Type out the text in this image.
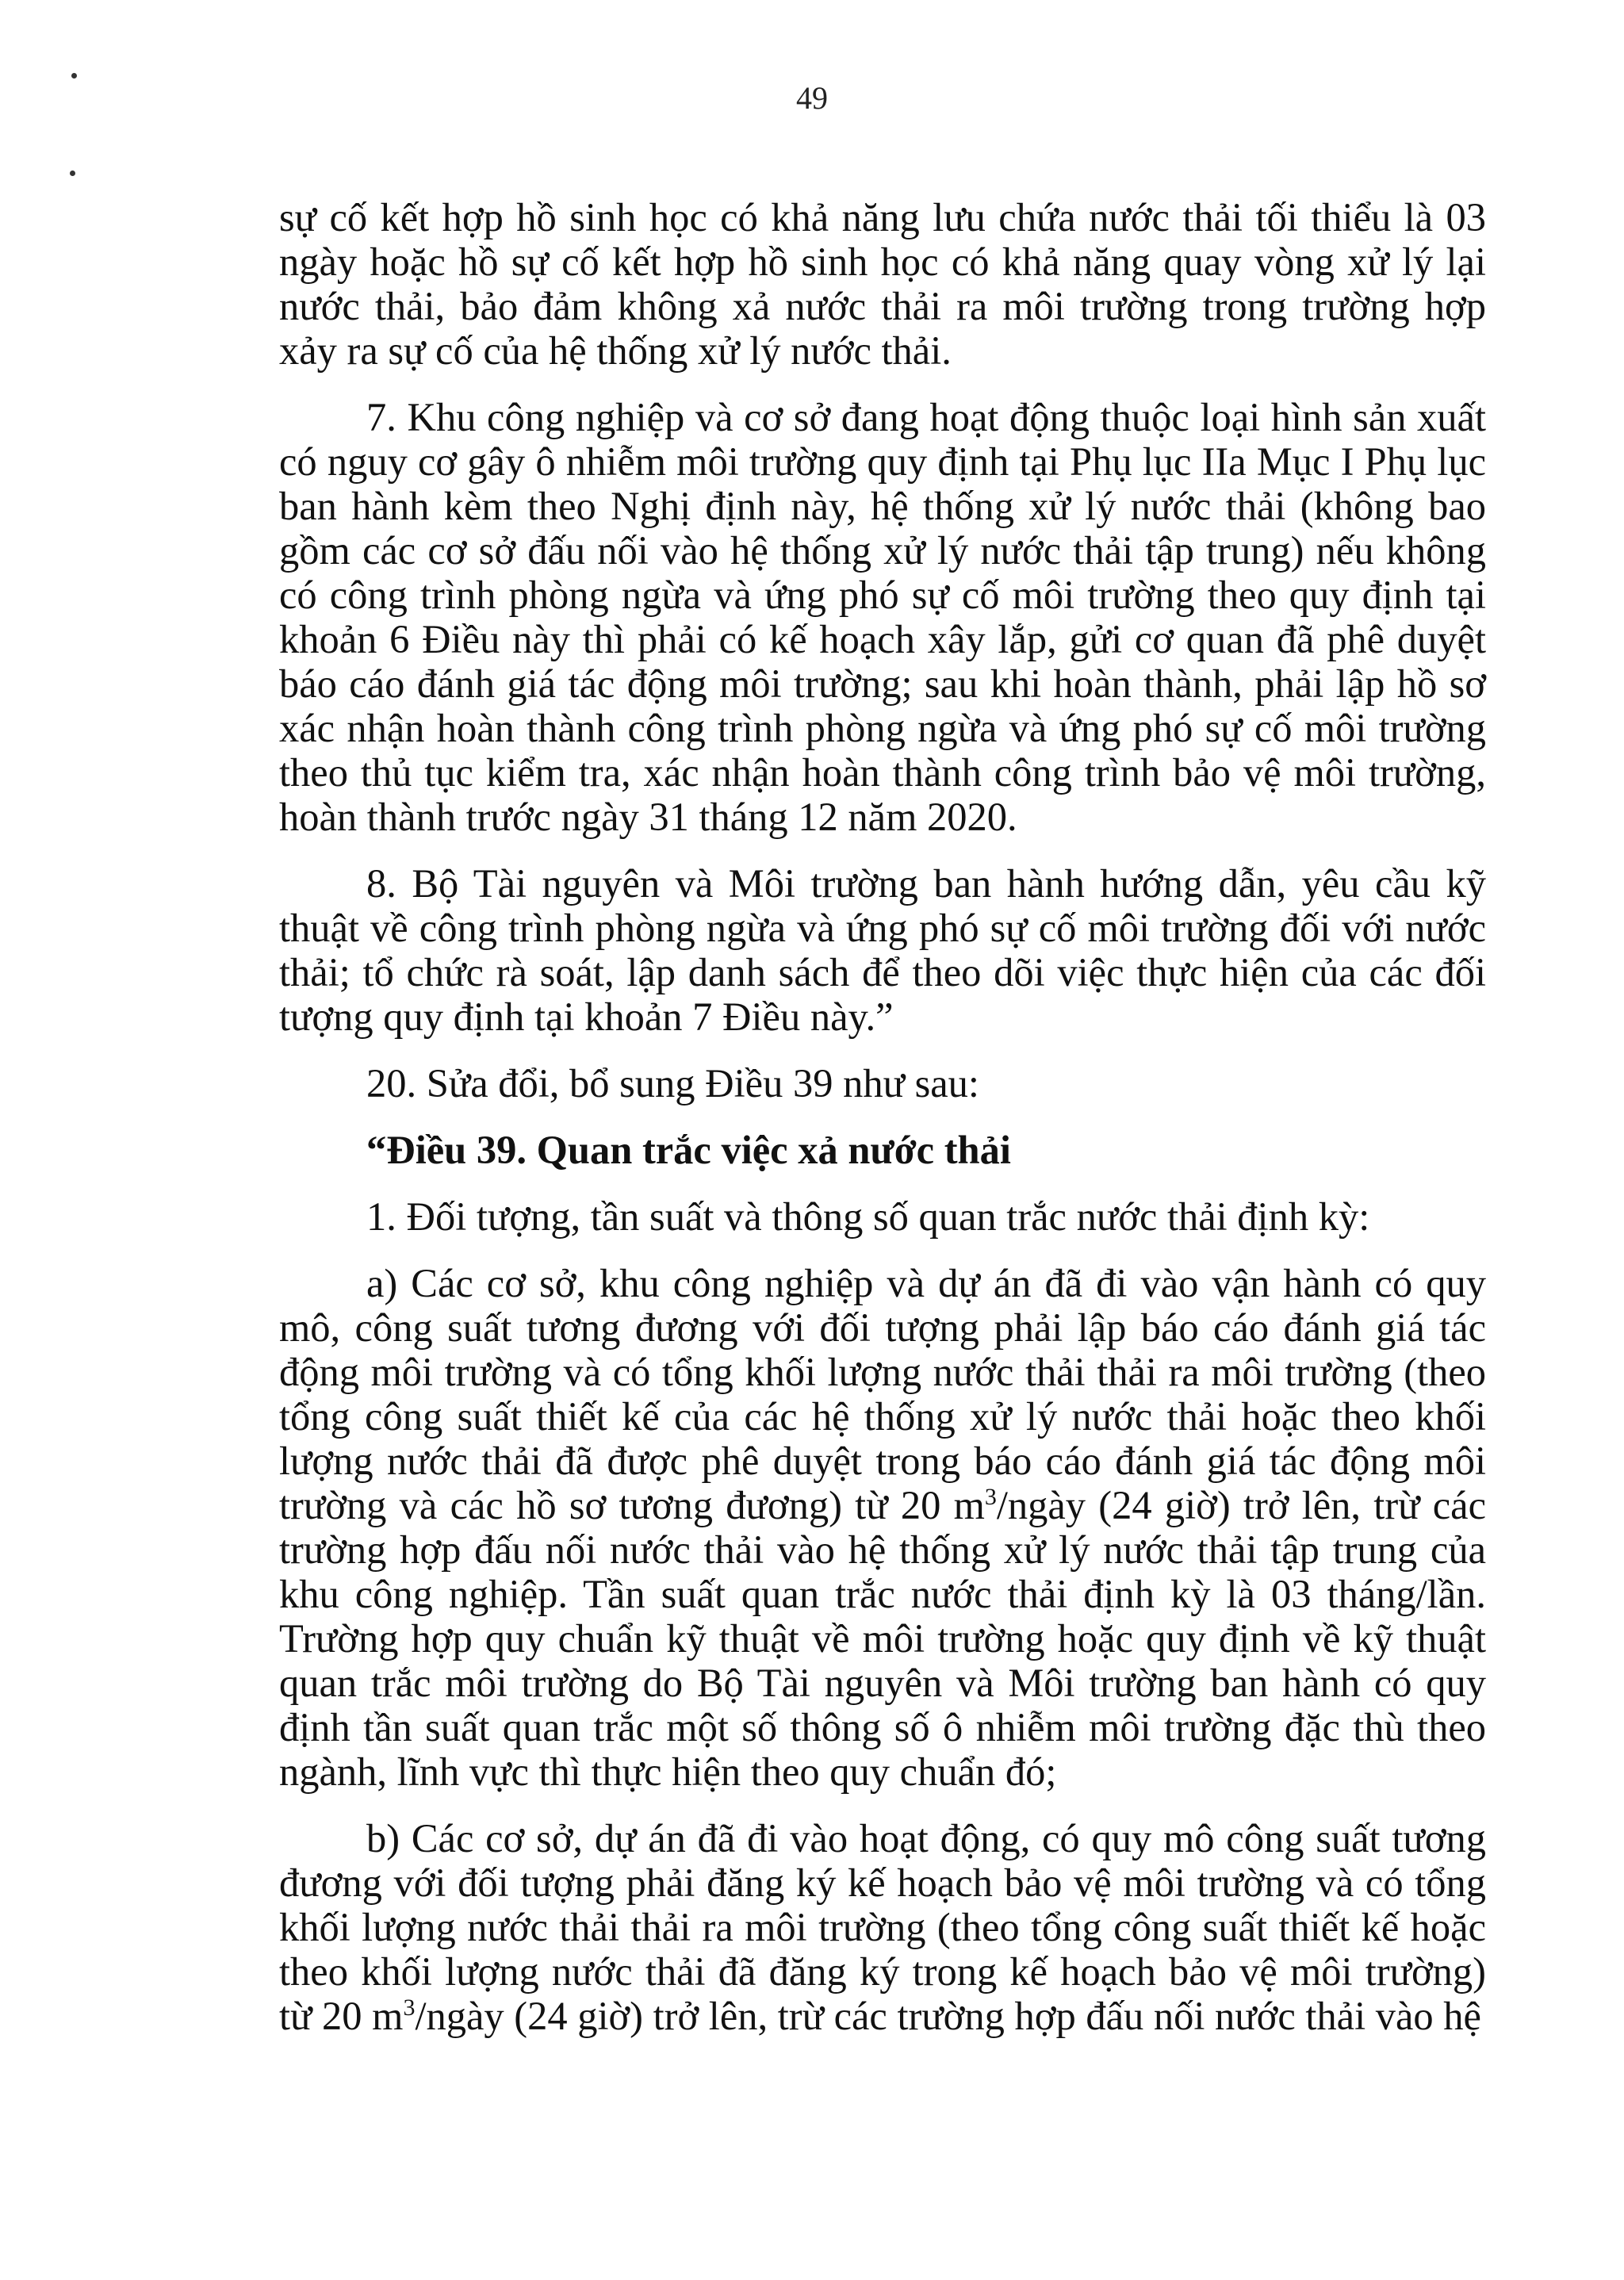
49

sự cố kết hợp hồ sinh học có khả năng lưu chứa nước thải tối thiểu là 03 ngày hoặc hồ sự cố kết hợp hồ sinh học có khả năng quay vòng xử lý lại nước thải, bảo đảm không xả nước thải ra môi trường trong trường hợp xảy ra sự cố của hệ thống xử lý nước thải.

7. Khu công nghiệp và cơ sở đang hoạt động thuộc loại hình sản xuất có nguy cơ gây ô nhiễm môi trường quy định tại Phụ lục IIa Mục I Phụ lục ban hành kèm theo Nghị định này, hệ thống xử lý nước thải (không bao gồm các cơ sở đấu nối vào hệ thống xử lý nước thải tập trung) nếu không có công trình phòng ngừa và ứng phó sự cố môi trường theo quy định tại khoản 6 Điều này thì phải có kế hoạch xây lắp, gửi cơ quan đã phê duyệt báo cáo đánh giá tác động môi trường; sau khi hoàn thành, phải lập hồ sơ xác nhận hoàn thành công trình phòng ngừa và ứng phó sự cố môi trường theo thủ tục kiểm tra, xác nhận hoàn thành công trình bảo vệ môi trường, hoàn thành trước ngày 31 tháng 12 năm 2020.

8. Bộ Tài nguyên và Môi trường ban hành hướng dẫn, yêu cầu kỹ thuật về công trình phòng ngừa và ứng phó sự cố môi trường đối với nước thải; tổ chức rà soát, lập danh sách để theo dõi việc thực hiện của các đối tượng quy định tại khoản 7 Điều này.”

20. Sửa đổi, bổ sung Điều 39 như sau:

“Điều 39. Quan trắc việc xả nước thải

1. Đối tượng, tần suất và thông số quan trắc nước thải định kỳ:

a) Các cơ sở, khu công nghiệp và dự án đã đi vào vận hành có quy mô, công suất tương đương với đối tượng phải lập báo cáo đánh giá tác động môi trường và có tổng khối lượng nước thải thải ra môi trường (theo tổng công suất thiết kế của các hệ thống xử lý nước thải hoặc theo khối lượng nước thải đã được phê duyệt trong báo cáo đánh giá tác động môi trường và các hồ sơ tương đương) từ 20 $m^3$/ngày (24 giờ) trở lên, trừ các trường hợp đấu nối nước thải vào hệ thống xử lý nước thải tập trung của khu công nghiệp. Tần suất quan trắc nước thải định kỳ là 03 tháng/lần. Trường hợp quy chuẩn kỹ thuật về môi trường hoặc quy định về kỹ thuật quan trắc môi trường do Bộ Tài nguyên và Môi trường ban hành có quy định tần suất quan trắc một số thông số ô nhiễm môi trường đặc thù theo ngành, lĩnh vực thì thực hiện theo quy chuẩn đó;

b) Các cơ sở, dự án đã đi vào hoạt động, có quy mô công suất tương đương với đối tượng phải đăng ký kế hoạch bảo vệ môi trường và có tổng khối lượng nước thải thải ra môi trường (theo tổng công suất thiết kế hoặc theo khối lượng nước thải đã đăng ký trong kế hoạch bảo vệ môi trường) từ 20 $m^3$/ngày (24 giờ) trở lên, trừ các trường hợp đấu nối nước thải vào hệ
